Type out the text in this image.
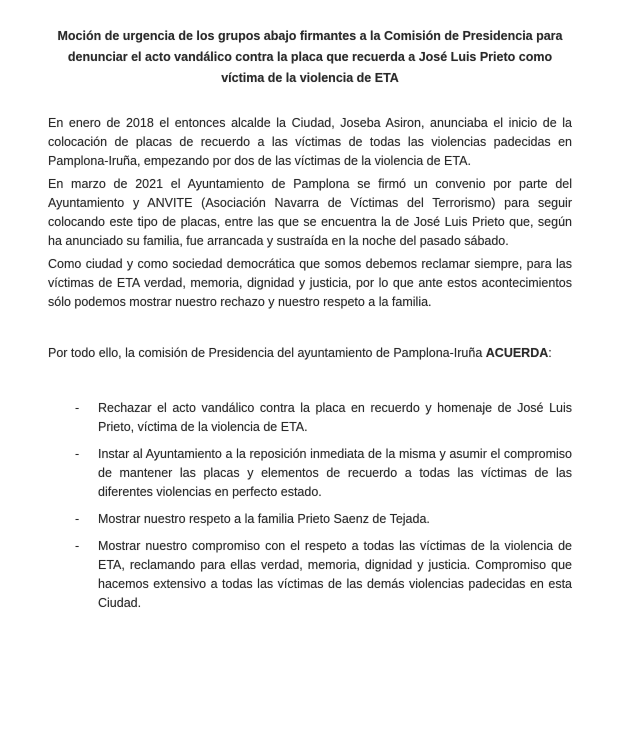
Moción de urgencia de los grupos abajo firmantes a la Comisión de Presidencia para denunciar el acto vandálico contra la placa que recuerda a José Luis Prieto como víctima de la violencia de ETA

En enero de 2018 el entonces alcalde la Ciudad, Joseba Asiron, anunciaba el inicio de la colocación de placas de recuerdo a las víctimas de todas las violencias padecidas en Pamplona-Iruña, empezando por dos de las víctimas de la violencia de ETA.

En marzo de 2021 el Ayuntamiento de Pamplona se firmó un convenio por parte del Ayuntamiento y ANVITE (Asociación Navarra de Víctimas del Terrorismo) para seguir colocando este tipo de placas, entre las que se encuentra la de José Luis Prieto que, según ha anunciado su familia, fue arrancada y sustraída en la noche del pasado sábado.

Como ciudad y como sociedad democrática que somos debemos reclamar siempre, para las víctimas de ETA verdad, memoria, dignidad y justicia, por lo que ante estos acontecimientos sólo podemos mostrar nuestro rechazo y nuestro respeto a la familia.

Por todo ello, la comisión de Presidencia del ayuntamiento de Pamplona-Iruña ACUERDA:

-	Rechazar el acto vandálico contra la placa en recuerdo y homenaje de José Luis Prieto, víctima de la violencia de ETA.
-	Instar al Ayuntamiento a la reposición inmediata de la misma y asumir el compromiso de mantener las placas y elementos de recuerdo a todas las víctimas de las diferentes violencias en perfecto estado.
-	Mostrar nuestro respeto a la familia Prieto Saenz de Tejada.
-	Mostrar nuestro compromiso con el respeto a todas las víctimas de la violencia de ETA, reclamando para ellas verdad, memoria, dignidad y justicia. Compromiso que hacemos extensivo a todas las víctimas de las demás violencias padecidas en esta Ciudad.
